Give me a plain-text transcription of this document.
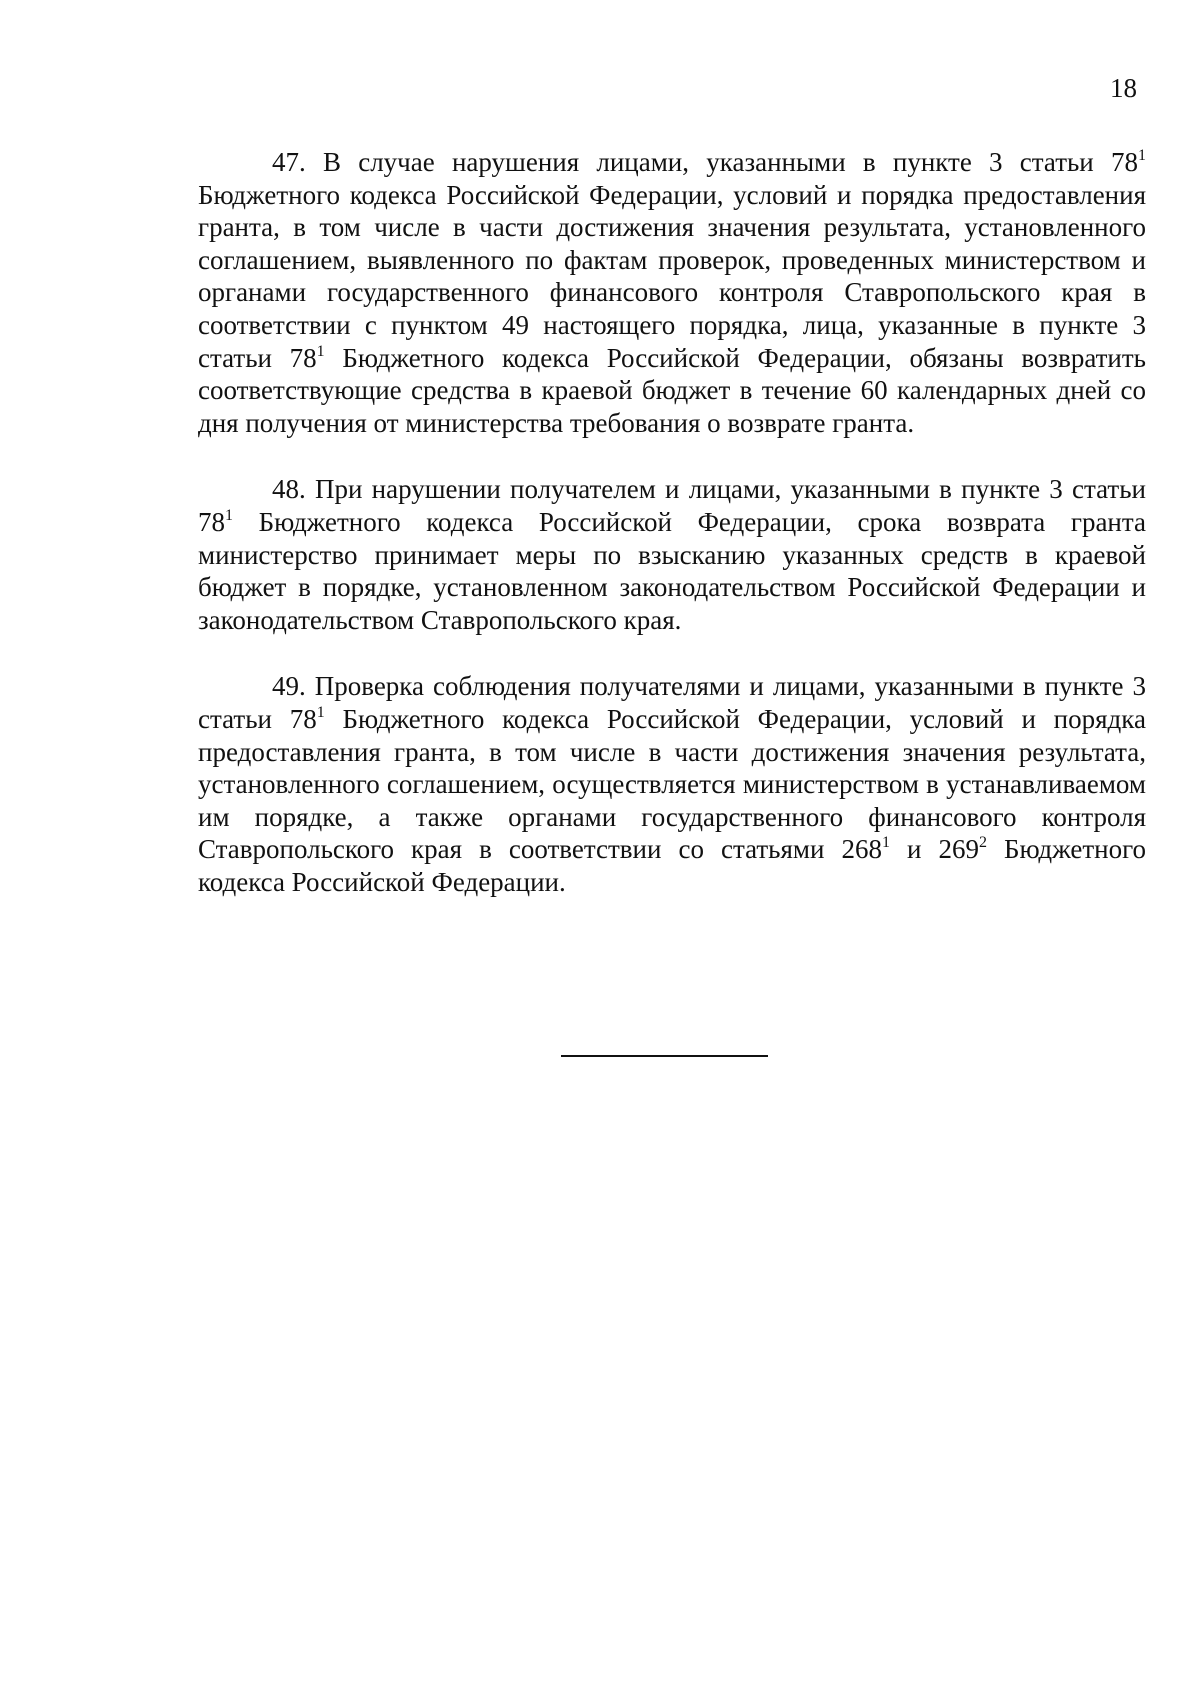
18

47. В случае нарушения лицами, указанными в пункте 3 статьи $78^1$ Бюджетного кодекса Российской Федерации, условий и порядка предоставления гранта, в том числе в части достижения значения результата, установленного соглашением, выявленного по фактам проверок, проведенных министерством и органами государственного финансового контроля Ставропольского края в соответствии с пунктом 49 настоящего порядка, лица, указанные в пункте 3 статьи $78^1$ Бюджетного кодекса Российской Федерации, обязаны возвратить соответствующие средства в краевой бюджет в течение 60 календарных дней со дня получения от министерства требования о возврате гранта.

48. При нарушении получателем и лицами, указанными в пункте 3 статьи $78^1$ Бюджетного кодекса Российской Федерации, срока возврата гранта министерство принимает меры по взысканию указанных средств в краевой бюджет в порядке, установленном законодательством Российской Федерации и законодательством Ставропольского края.

49. Проверка соблюдения получателями и лицами, указанными в пункте 3 статьи $78^1$ Бюджетного кодекса Российской Федерации, условий и порядка предоставления гранта, в том числе в части достижения значения результата, установленного соглашением, осуществляется министерством в устанавливаемом им порядке, а также органами государственного финансового контроля Ставропольского края в соответствии со статьями $268^1$ и $269^2$ Бюджетного кодекса Российской Федерации.
